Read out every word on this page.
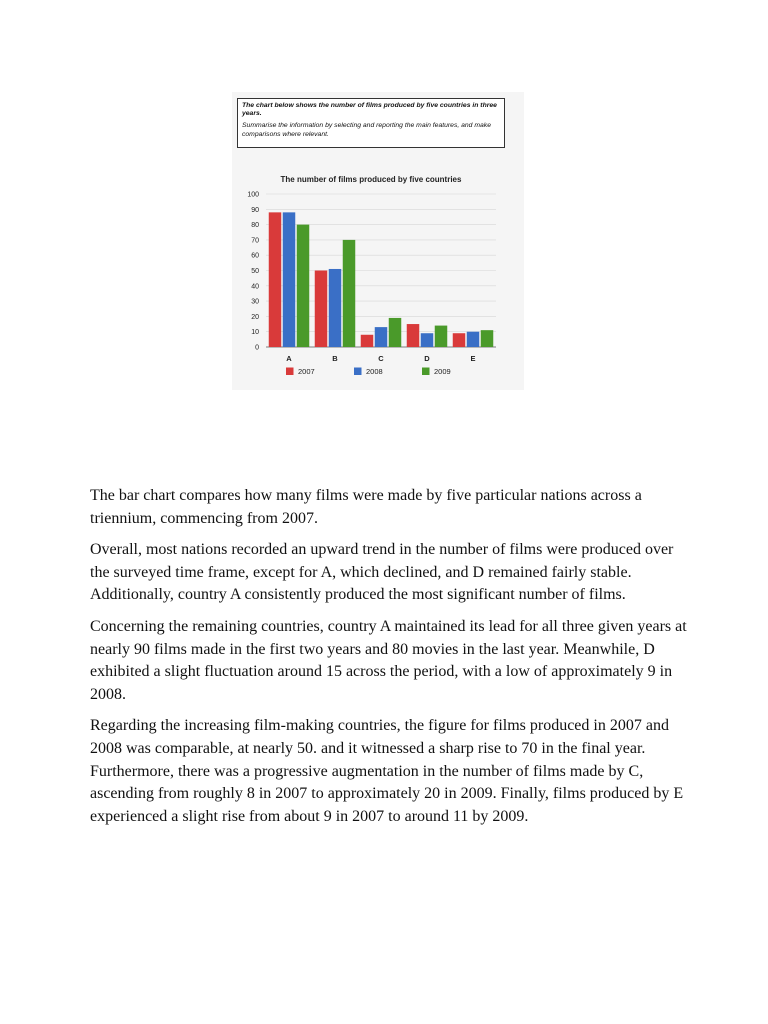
The chart below shows the number of films produced by five countries in three years.

Summarise the information by selecting and reporting the main features, and make comparisons where relevant.

The number of films produced by five countries
0
10
20
30
40
50
60
70
80
90
100
A	B	C	D	E
2007	2008	2009

The bar chart compares how many films were made by five particular nations across a triennium, commencing from 2007.

Overall, most nations recorded an upward trend in the number of films were produced over the surveyed time frame, except for A, which declined, and D remained fairly stable. Additionally, country A consistently produced the most significant number of films.

Concerning the remaining countries, country A maintained its lead for all three given years at nearly 90 films made in the first two years and 80 movies in the last year. Meanwhile, D exhibited a slight fluctuation around 15 across the period, with a low of approximately 9 in 2008.

Regarding the increasing film-making countries, the figure for films produced in 2007 and 2008 was comparable, at nearly 50. and it witnessed a sharp rise to 70 in the final year. Furthermore, there was a progressive augmentation in the number of films made by C, ascending from roughly 8 in 2007 to approximately 20 in 2009. Finally, films produced by E experienced a slight rise from about 9 in 2007 to around 11 by 2009.
